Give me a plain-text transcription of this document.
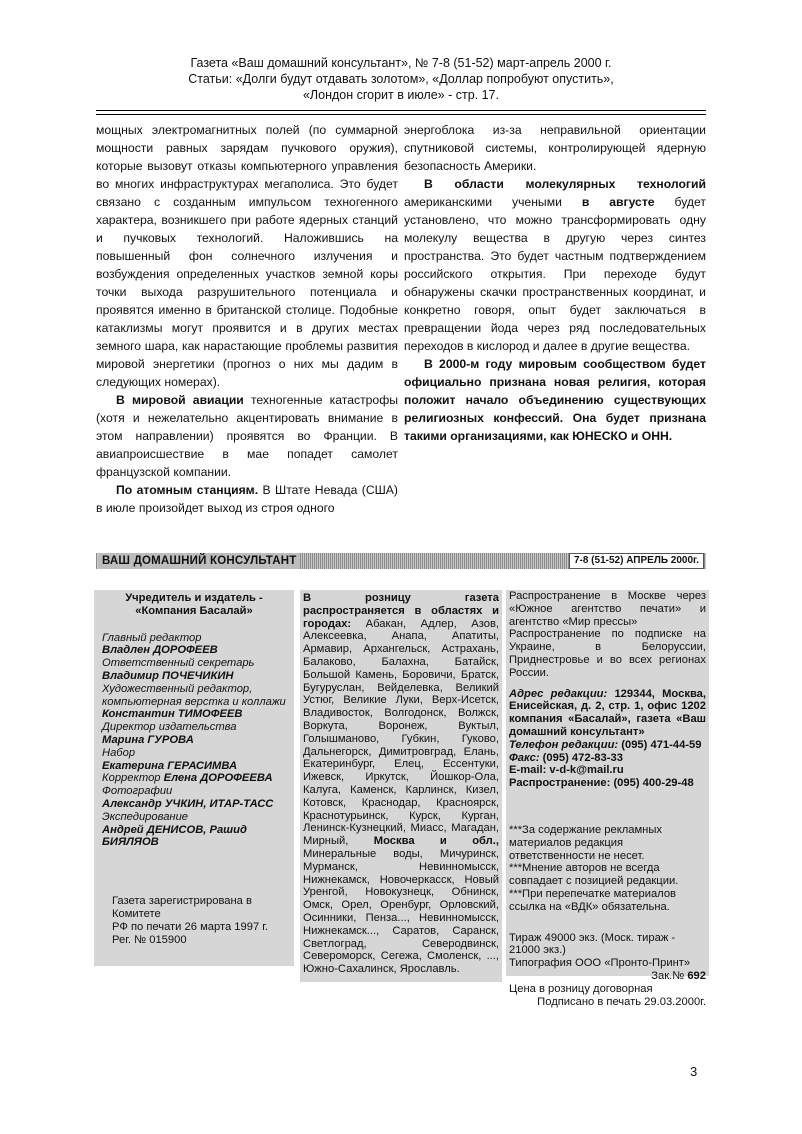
Газета «Ваш домашний консультант», № 7-8 (51-52) март-апрель 2000 г.
Статьи: «Долги будут отдавать золотом», «Доллар попробуют опустить»,
«Лондон сгорит в июле» - стр. 17.

мощных электромагнитных полей (по суммарной мощности равных зарядам пучкового оружия), которые вызовут отказы компьютерного управления во многих инфраструктурах мегаполиса. Это будет связано с созданным импульсом техногенного характера, возникшего при работе ядерных станций и пучковых технологий. Наложившись на повышенный фон солнечного излучения и возбуждения определенных участков земной коры точки выхода разрушительного потенциала и проявятся именно в британской столице. Подобные катаклизмы могут проявится и в других местах земного шара, как нарастающие проблемы развития мировой энергетики (прогноз о них мы дадим в следующих номерах).

В мировой авиации техногенные катастрофы (хотя и нежелательно акцентировать внимание в этом направлении) проявятся во Франции. В авиапроисшествие в мае попадет самолет французской компании.

По атомным станциям. В Штате Невада (США) в июле произойдет выход из строя одного

энергоблока из-за неправильной ориентации спутниковой системы, контролирующей ядерную безопасность Америки.

В области молекулярных технологий американскими учеными в августе будет установлено, что можно трансформировать одну молекулу вещества в другую через синтез пространства. Это будет частным подтверждением российского открытия. При переходе будут обнаружены скачки пространственных координат, и конкретно говоря, опыт будет заключаться в превращении йода через ряд последовательных переходов в кислород и далее в другие вещества.

В 2000-м году мировым сообществом будет официально признана новая религия, которая положит начало объединению существующих религиозных конфессий. Она будет признана такими организациями, как ЮНЕСКО и ОНН.

ВАШ ДОМАШНИЙ КОНСУЛЬТАНТ	7-8 (51-52) АПРЕЛЬ 2000г.
Учредитель и издатель -
«Компания Басалай»
Главный редактор
Владлен ДОРОФЕЕВ
Ответственный секретарь
Владимир ПОЧЕЧИКИН
Художественный редактор, компьютерная верстка и коллажи
Константин ТИМОФЕЕВ
Директор издательства
Марина ГУРОВА
Набор
Екатерина ГЕРАСИМВА
Корректор Елена ДОРОФЕЕВА
Фотографии
Александр УЧКИН, ИТАР-ТАСС
Экспедирование
Андрей ДЕНИСОВ, Рашид БИЯЛЯОВ
Газета зарегистрирована в Комитете
РФ по печати 26 марта 1997 г.
Рег. № 015900
В розницу газета распространяется в областях и городах: Абакан, Адлер, Азов, Алексеевка, Анапа, Апатиты, Армавир, Архангельск, Астрахань, Балаково, Балахна, Батайск, Большой Камень, Боровичи, Братск, Бугуруслан, Вейделевка, Великий Устюг, Великие Луки, Верх-Исетск, Владивосток, Волгодонск, Волжск, Воркута, Воронеж, Вуктыл, Голышманово, Губкин, Гуково, Дальнегорск, Димитровград, Елань, Екатеринбург, Елец, Ессентуки, Ижевск, Иркутск, Йошкор-Ола, Калуга, Каменск, Карлинск, Кизел, Котовск, Краснодар, Красноярск, Краснотурьинск, Курск, Курган, Ленинск-Кузнецкий, Миасс, Магадан, Мирный, Москва и обл., Минеральные воды, Мичуринск, Мурманск, Невинномысск, Нижнекамск, Новочеркасск, Новый Уренгой, Новокузнецк, Обнинск, Омск, Орел, Оренбург, Орловский, Осинники, Пенза..., Невинномысск, Нижнекамск..., Саратов, Саранск, Светлоград, Северодвинск, Североморск, Сегежа, Смоленск, ..., Южно-Сахалинск, Ярославль.
Распространение в Москве через «Южное агентство печати» и агентство «Мир прессы»
Распространение по подписке на Украине, в Белоруссии, Приднестровье и во всех регионах России.
Адрес редакции: 129344, Москва, Енисейская, д. 2, стр. 1, офис 1202 компания «Басалай», газета «Ваш домашний консультант»
Телефон редакции: (095) 471-44-59
Факс: (095) 472-83-33
E-mail: v-d-k@mail.ru
Распространение: (095) 400-29-48
***За содержание рекламных материалов редакция ответственности не несет.
***Мнение авторов не всегда совпадает с позицией редакции.
***При перепечатке материалов ссылка на «ВДК» обязательна.
Тираж 49000 экз. (Моск. тираж - 21000 экз.)
Типография ООО «Пронто-Принт»
Зак.№ 692
Цена в розницу договорная
Подписано в печать 29.03.2000г.
3
